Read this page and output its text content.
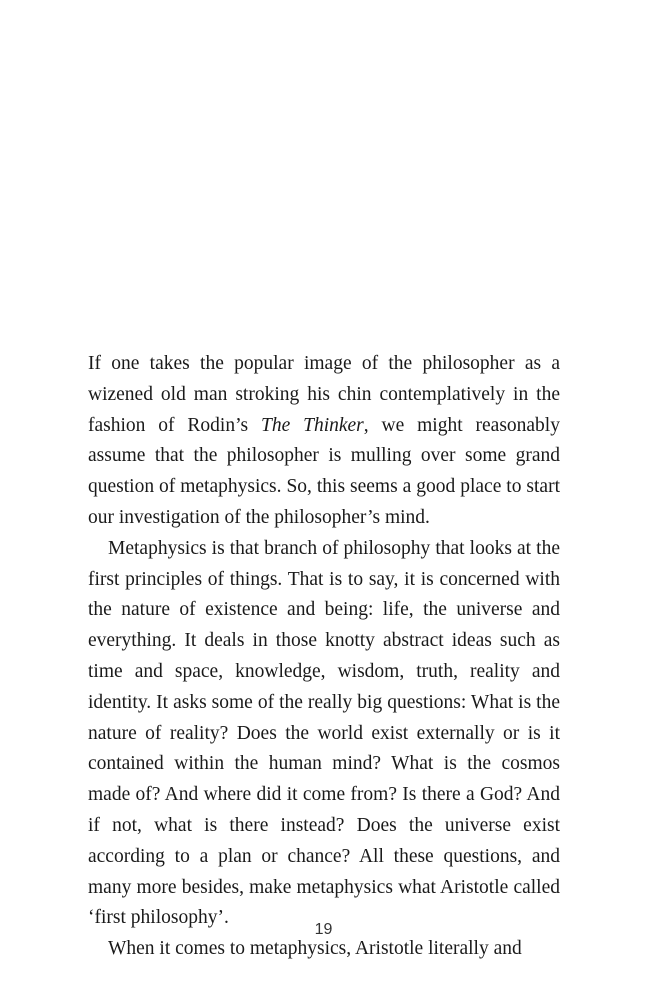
If one takes the popular image of the philosopher as a wizened old man stroking his chin contemplatively in the fashion of Rodin’s The Thinker, we might reasonably assume that the philosopher is mulling over some grand question of metaphysics. So, this seems a good place to start our investigation of the philosopher’s mind.

Metaphysics is that branch of philosophy that looks at the first principles of things. That is to say, it is concerned with the nature of existence and being: life, the universe and everything. It deals in those knotty abstract ideas such as time and space, knowledge, wisdom, truth, reality and identity. It asks some of the really big questions: What is the nature of reality? Does the world exist externally or is it contained within the human mind? What is the cosmos made of? And where did it come from? Is there a God? And if not, what is there instead? Does the universe exist according to a plan or chance? All these questions, and many more besides, make metaphysics what Aristotle called ‘first philosophy’.

When it comes to metaphysics, Aristotle literally and

19
